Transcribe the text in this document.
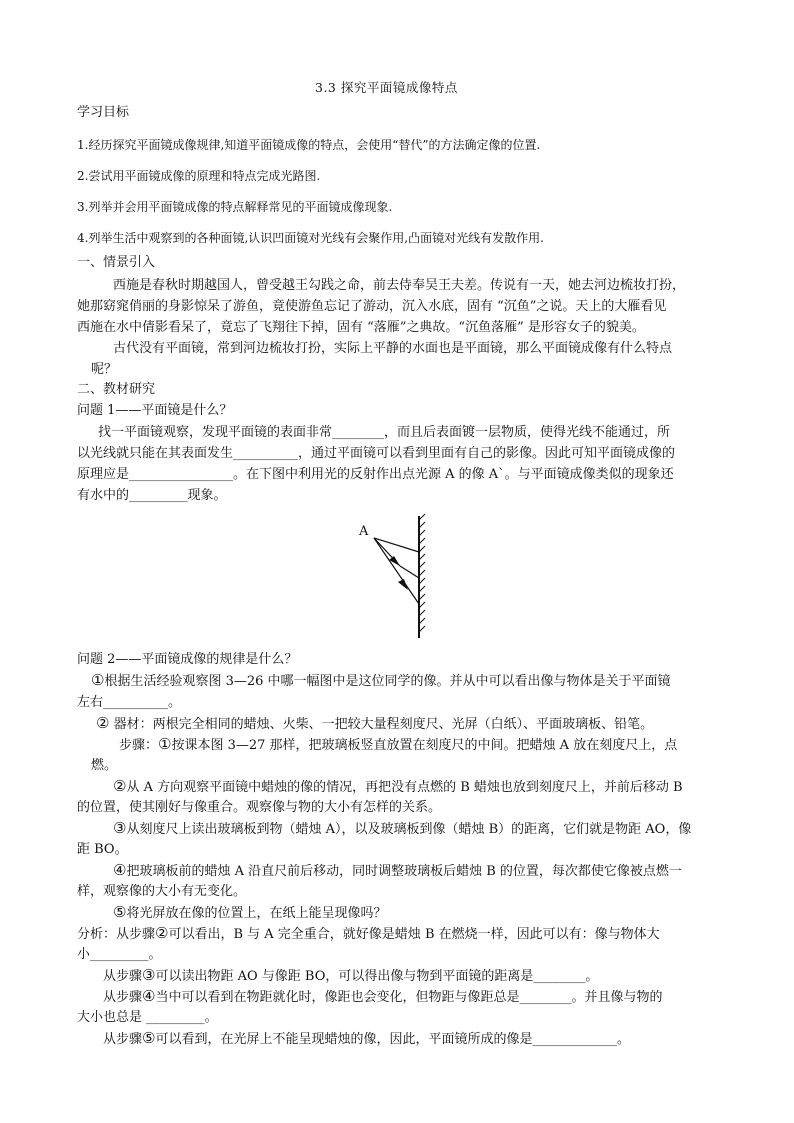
3.3 探究平面镜成像特点
学习目标
1.经历探究平面镜成像规律,知道平面镜成像的特点，会使用“替代”的方法确定像的位置.
2.尝试用平面镜成像的原理和特点完成光路图.
3.列举并会用平面镜成像的特点解释常见的平面镜成像现象.
4.列举生活中观察到的各种面镜,认识凹面镜对光线有会聚作用,凸面镜对光线有发散作用.
一、情景引入
西施是春秋时期越国人，曾受越王勾践之命，前去侍奉吴王夫差。传说有一天，她去河边梳妆打扮，
她那窈窕俏丽的身影惊呆了游鱼，竟使游鱼忘记了游动，沉入水底，固有 “沉鱼”之说。天上的大雁看见
西施在水中倩影看呆了，竟忘了飞翔往下掉，固有 “落雁”之典故。“沉鱼落雁” 是形容女子的貌美。
古代没有平面镜，常到河边梳妆打扮，实际上平静的水面也是平面镜，那么平面镜成像有什么特点
呢？
二、教材研究
问题 1——平面镜是什么？
找一平面镜观察，发现平面镜的表面非常________，而且后表面镀一层物质，使得光线不能通过，所
以光线就只能在其表面发生__________，通过平面镜可以看到里面有自己的影像。因此可知平面镜成像的
原理应是________________。在下图中利用光的反射作出点光源 A 的像 A`。与平面镜成像类似的现象还
有水中的_________现象。
A
问题 2——平面镜成像的规律是什么？
①根据生活经验观察图 3—26 中哪一幅图中是这位同学的像。并从中可以看出像与物体是关于平面镜
左右__________。
② 器材：两根完全相同的蜡烛、火柴、一把较大量程刻度尺、光屏（白纸）、平面玻璃板、铅笔。
步骤：①按课本图 3—27 那样，把玻璃板竖直放置在刻度尺的中间。把蜡烛 A 放在刻度尺上，点
燃。
②从 A 方向观察平面镜中蜡烛的像的情况，再把没有点燃的 B 蜡烛也放到刻度尺上，并前后移动 B
的位置，使其刚好与像重合。观察像与物的大小有怎样的关系。
③从刻度尺上读出玻璃板到物（蜡烛 A），以及玻璃板到像（蜡烛 B）的距离，它们就是物距 AO，像
距 BO。
④把玻璃板前的蜡烛 A 沿直尺前后移动，同时调整玻璃板后蜡烛 B 的位置，每次都使它像被点燃一
样，观察像的大小有无变化。
⑤将光屏放在像的位置上，在纸上能呈现像吗？
分析：从步骤②可以看出，B 与 A 完全重合，就好像是蜡烛 B 在燃烧一样，因此可以有：像与物体大
小_________。
从步骤③可以读出物距 AO 与像距 BO，可以得出像与物到平面镜的距离是________。
从步骤④当中可以看到在物距就化时，像距也会变化，但物距与像距总是________。并且像与物的
大小也总是 _________。
从步骤⑤可以看到，在光屏上不能呈现蜡烛的像，因此，平面镜所成的像是_____________。
